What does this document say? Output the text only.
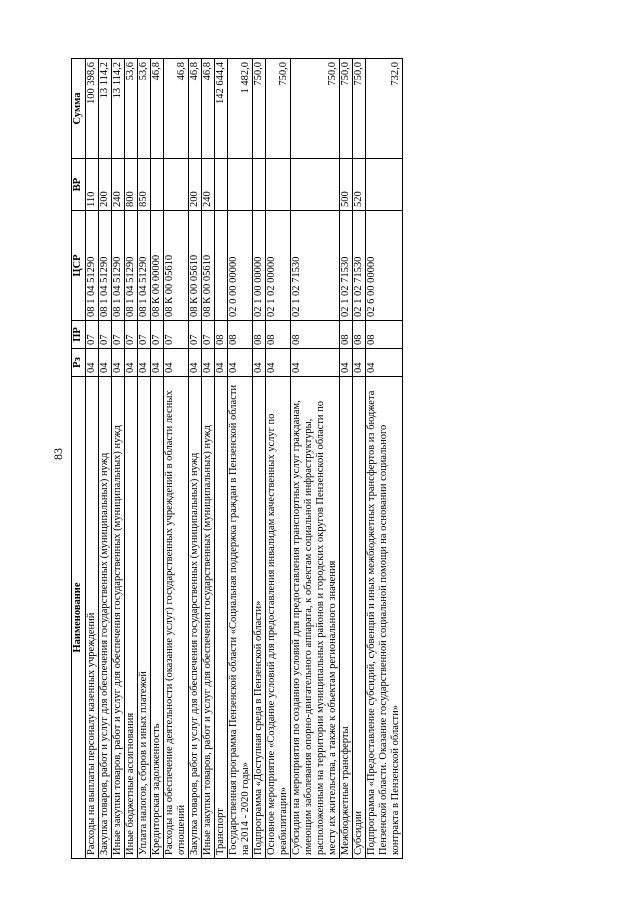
83
Наименование	Рз	ПР	ЦСР	ВР	Сумма
Расходы на выплаты персоналу казенных учреждений	04	07	08 1 04 51290	110	100 398,6
Закупка товаров, работ и услуг для обеспечения государственных (муниципальных) нужд	04	07	08 1 04 51290	200	13 114,2
Иные закупки товаров, работ и услуг для обеспечения государственных (муниципальных) нужд	04	07	08 1 04 51290	240	13 114,2
Иные бюджетные ассигнования	04	07	08 1 04 51290	800	53,6
Уплата налогов, сборов и иных платежей	04	07	08 1 04 51290	850	53,6
Кредиторская задолженность	04	07	08 К 00 00000		46,8
Расходы на обеспечение деятельности (оказание услуг) государственных учреждений в области лесных отношений	04	07	08 К 00 05610		46,8
Закупка товаров, работ и услуг для обеспечения государственных (муниципальных) нужд	04	07	08 К 00 05610	200	46,8
Иные закупки товаров, работ и услуг для обеспечения государственных (муниципальных) нужд	04	07	08 К 00 05610	240	46,8
Транспорт	04	08			142 644,4
Государственная программа Пензенской области «Социальная поддержка граждан в Пензенской области на 2014 - 2020 годы»	04	08	02 0 00 00000		1 482,0
Подпрограмма «Доступная среда в Пензенской области»	04	08	02 1 00 00000		750,0
Основное мероприятие «Создание условий для предоставления инвалидам качественных услуг по реабилитации»	04	08	02 1 02 00000		750,0
Субсидии на мероприятия по созданию условий для предоставления транспортных услуг гражданам, имеющим заболевания опорно-двигательного аппарата, к объектам социальной инфраструктуры, расположенным на территории муниципальных районов и городских округов Пензенской области по месту их жительства, а также к объектам регионального значения	04	08	02 1 02 71530		750,0
Межбюджетные трансферты	04	08	02 1 02 71530	500	750,0
Субсидии	04	08	02 1 02 71530	520	750,0
Подпрограмма «Предоставление субсидий, субвенций и иных межбюджетных трансфертов из бюджета Пензенской области. Оказание государственной социальной помощи на основании социального контракта в Пензенской области»	04	08	02 6 00 00000		732,0
